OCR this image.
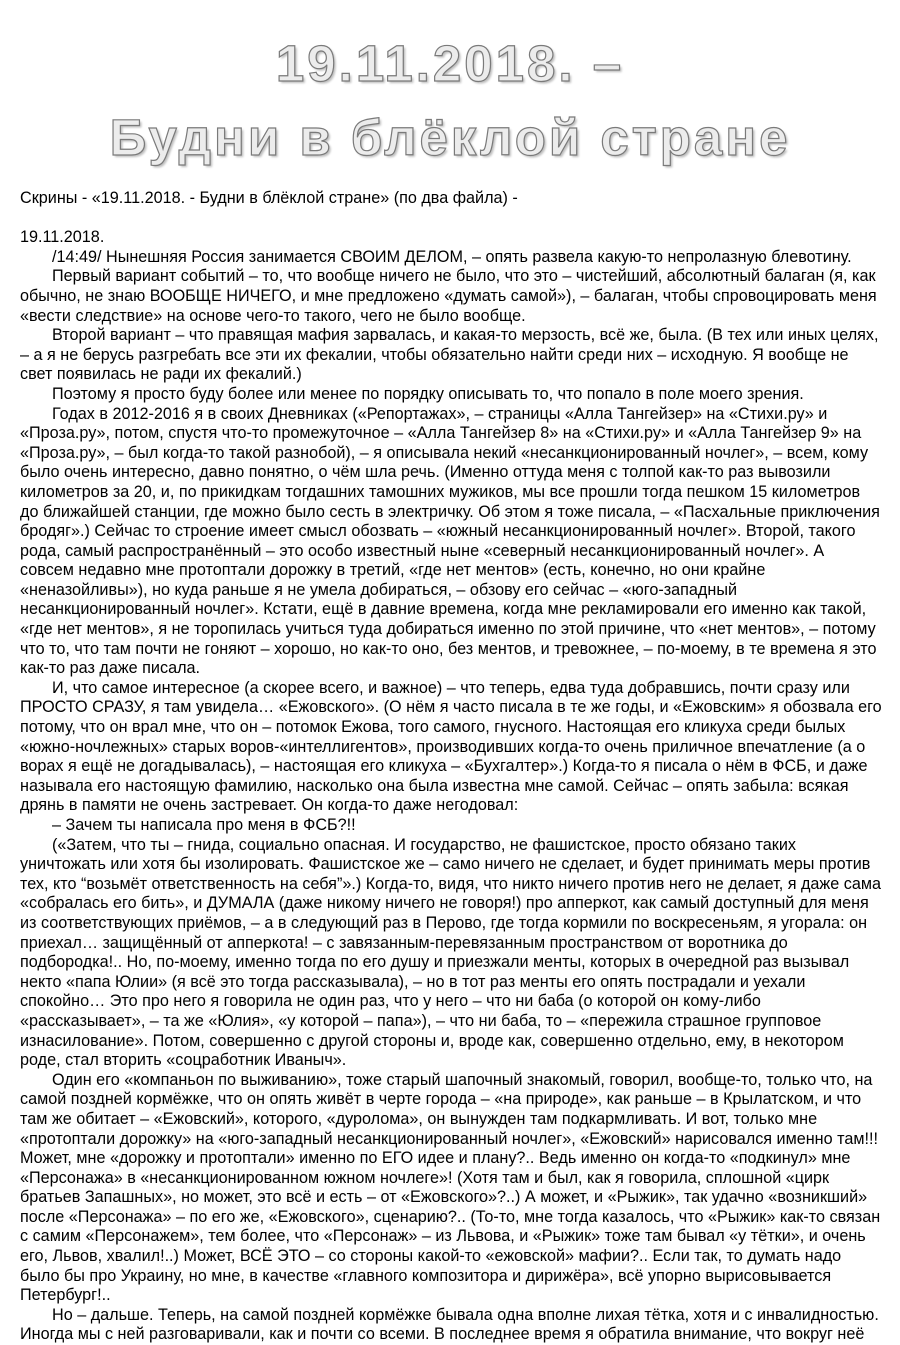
19.11.2018. –
Будни в блёклой стране

Скрины - «19.11.2018. - Будни в блёклой стране» (по два файла) -

19.11.2018.

/14:49/ Нынешняя Россия занимается СВОИМ ДЕЛОМ, – опять развела какую-то непролазную блевотину.

Первый вариант событий – то, что вообще ничего не было, что это – чистейший, абсолютный балаган (я, как обычно, не знаю ВООБЩЕ НИЧЕГО, и мне предложено «думать самой»), – балаган, чтобы спровоцировать меня «вести следствие» на основе чего-то такого, чего не было вообще.

Второй вариант – что правящая мафия зарвалась, и какая-то мерзость, всё же, была. (В тех или иных целях, – а я не берусь разгребать все эти их фекалии, чтобы обязательно найти среди них – исходную. Я вообще не свет появилась не ради их фекалий.)

Поэтому я просто буду более или менее по порядку описывать то, что попало в поле моего зрения.

Годах в 2012-2016 я в своих Дневниках («Репортажах», – страницы «Алла Тангейзер» на «Стихи.ру» и «Проза.ру», потом, спустя что-то промежуточное – «Алла Тангейзер 8» на «Стихи.ру» и «Алла Тангейзер 9» на «Проза.ру», – был когда-то такой разнобой), – я описывала некий «несанкционированный ночлег», – всем, кому было очень интересно, давно понятно, о чём шла речь. (Именно оттуда меня с толпой как-то раз вывозили километров за 20, и, по прикидкам тогдашних тамошних мужиков, мы все прошли тогда пешком 15 километров до ближайшей станции, где можно было сесть в электричку. Об этом я тоже писала, – «Пасхальные приключения бродяг».) Сейчас то строение имеет смысл обозвать – «южный несанкционированный ночлег». Второй, такого рода, самый распространённый – это особо известный ныне «северный несанкционированный ночлег». А совсем недавно мне протоптали дорожку в третий, «где нет ментов» (есть, конечно, но они крайне «неназойливы»), но куда раньше я не умела добираться, – обзову его сейчас – «юго-западный несанкционированный ночлег». Кстати, ещё в давние времена, когда мне рекламировали его именно как такой, «где нет ментов», я не торопилась учиться туда добираться именно по этой причине, что «нет ментов», – потому что то, что там почти не гоняют – хорошо, но как-то оно, без ментов, и тревожнее, – по-моему, в те времена я это как-то раз даже писала.

И, что самое интересное (а скорее всего, и важное) – что теперь, едва туда добравшись, почти сразу или ПРОСТО СРАЗУ, я там увидела… «Ежовского». (О нём я часто писала в те же годы, и «Ежовским» я обозвала его потому, что он врал мне, что он – потомок Ежова, того самого, гнусного. Настоящая его кликуха среди былых «южно-ночлежных» старых воров-«интеллигентов», производивших когда-то очень приличное впечатление (а о ворах я ещё не догадывалась), – настоящая его кликуха – «Бухгалтер».) Когда-то я писала о нём в ФСБ, и даже называла его настоящую фамилию, насколько она была известна мне самой. Сейчас – опять забыла: всякая дрянь в памяти не очень застревает. Он когда-то даже негодовал:

– Зачем ты написала про меня в ФСБ?!!

(«Затем, что ты – гнида, социально опасная. И государство, не фашистское, просто обязано таких уничтожать или хотя бы изолировать. Фашистское же – само ничего не сделает, и будет принимать меры против тех, кто “возьмёт ответственность на себя”».) Когда-то, видя, что никто ничего против него не делает, я даже сама «собралась его бить», и ДУМАЛА (даже никому ничего не говоря!) про апперкот, как самый доступный для меня из соответствующих приёмов, – а в следующий раз в Перово, где тогда кормили по воскресеньям, я угорала: он приехал… защищённый от апперкота! – с завязанным-перевязанным пространством от воротника до подбородка!.. Но, по-моему, именно тогда по его душу и приезжали менты, которых в очередной раз вызывал некто «папа Юлии» (я всё это тогда рассказывала), – но в тот раз менты его опять пострадали и уехали спокойно… Это про него я говорила не один раз, что у него – что ни баба (о которой он кому-либо «рассказывает», – та же «Юлия», «у которой – папа»), – что ни баба, то – «пережила страшное групповое изнасилование». Потом, совершенно с другой стороны и, вроде как, совершенно отдельно, ему, в некотором роде, стал вторить «соцработник Иваныч».

Один его «компаньон по выживанию», тоже старый шапочный знакомый, говорил, вообще-то, только что, на самой поздней кормёжке, что он опять живёт в черте города – «на природе», как раньше – в Крылатском, и что там же обитает – «Ежовский», которого, «дуролома», он вынужден там подкармливать. И вот, только мне «протоптали дорожку» на «юго-западный несанкционированный ночлег», «Ежовский» нарисовался именно там!!! Может, мне «дорожку и протоптали» именно по ЕГО идее и плану?.. Ведь именно он когда-то «подкинул» мне «Персонажа» в «несанкционированном южном ночлеге»! (Хотя там и был, как я говорила, сплошной «цирк братьев Запашных», но может, это всё и есть – от «Ежовского»?..) А может, и «Рыжик», так удачно «возникший» после «Персонажа» – по его же, «Ежовского», сценарию?.. (То-то, мне тогда казалось, что «Рыжик» как-то связан с самим «Персонажем», тем более, что «Персонаж» – из Львова, и «Рыжик» тоже там бывал «у тётки», и очень его, Львов, хвалил!..) Может, ВСЁ ЭТО – со стороны какой-то «ежовской» мафии?.. Если так, то думать надо было бы про Украину, но мне, в качестве «главного композитора и дирижёра», всё упорно вырисовывается Петербург!..

Но – дальше. Теперь, на самой поздней кормёжке бывала одна вполне лихая тётка, хотя и с инвалидностью. Иногда мы с ней разговаривали, как и почти со всеми. В последнее время я обратила внимание, что вокруг неё
